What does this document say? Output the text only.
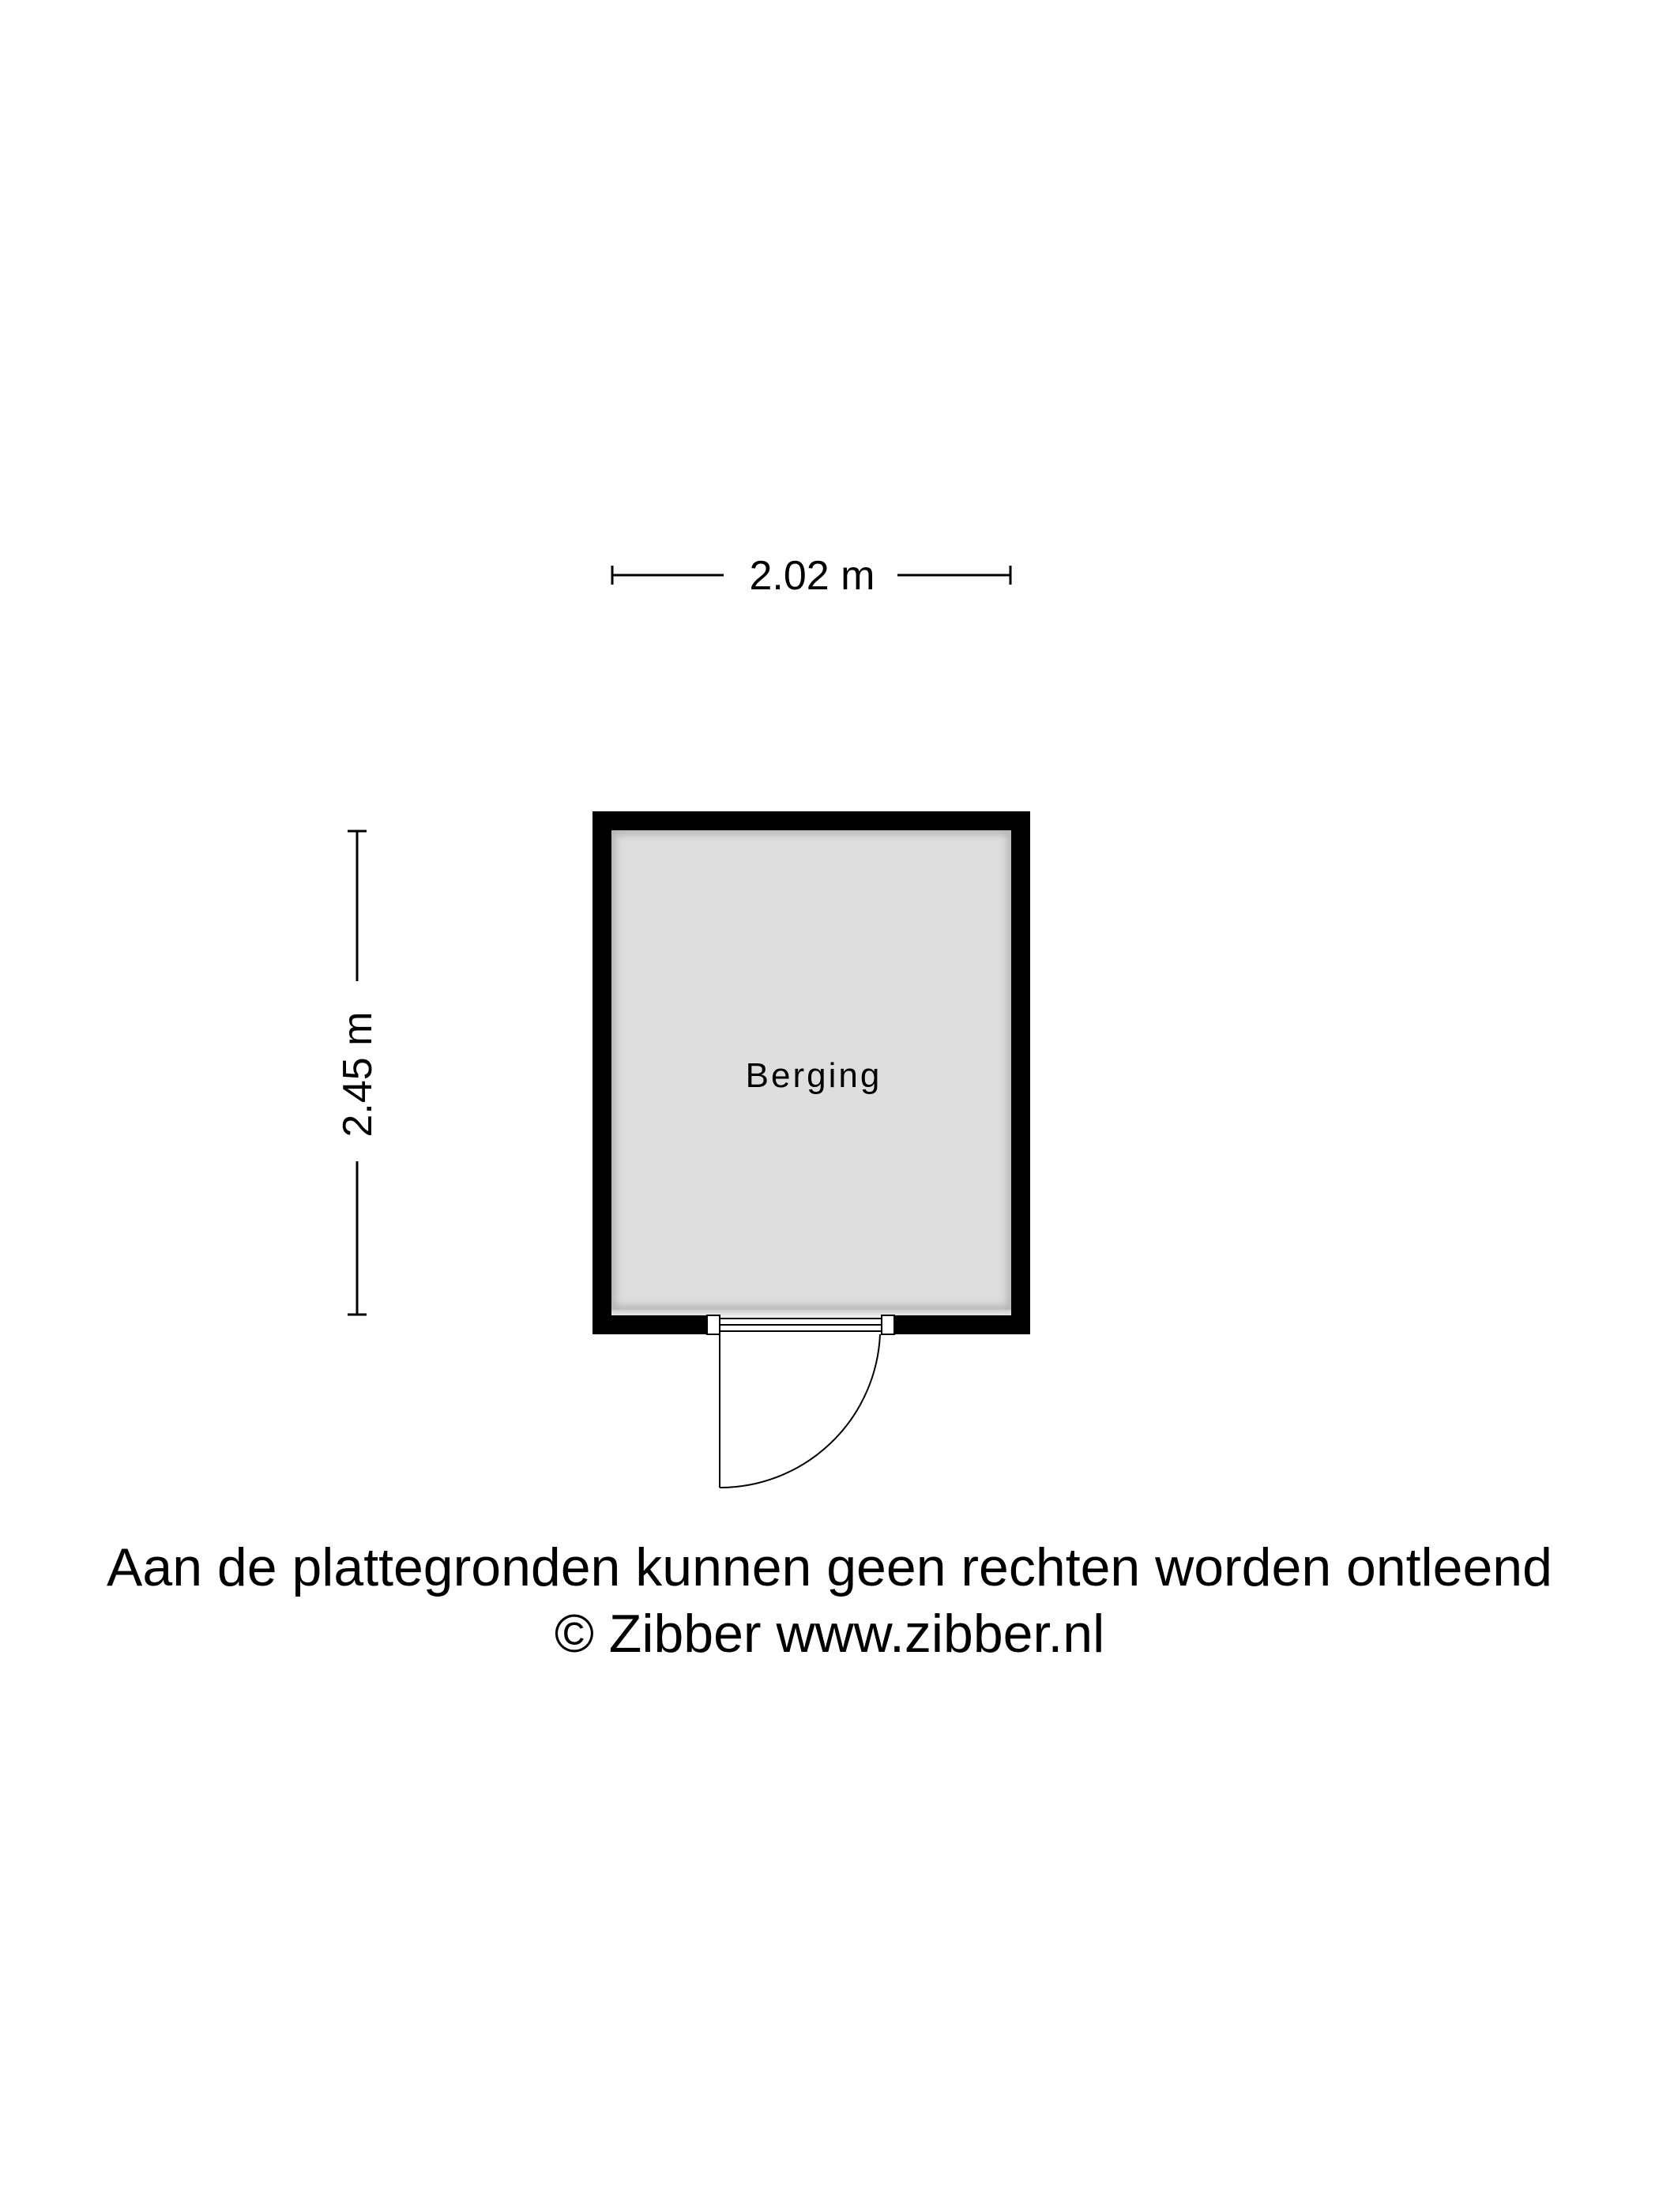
2.02 m
2.45 m	Berging
Aan de plattegronden kunnen geen rechten worden ontleend
© Zibber www.zibber.nl
